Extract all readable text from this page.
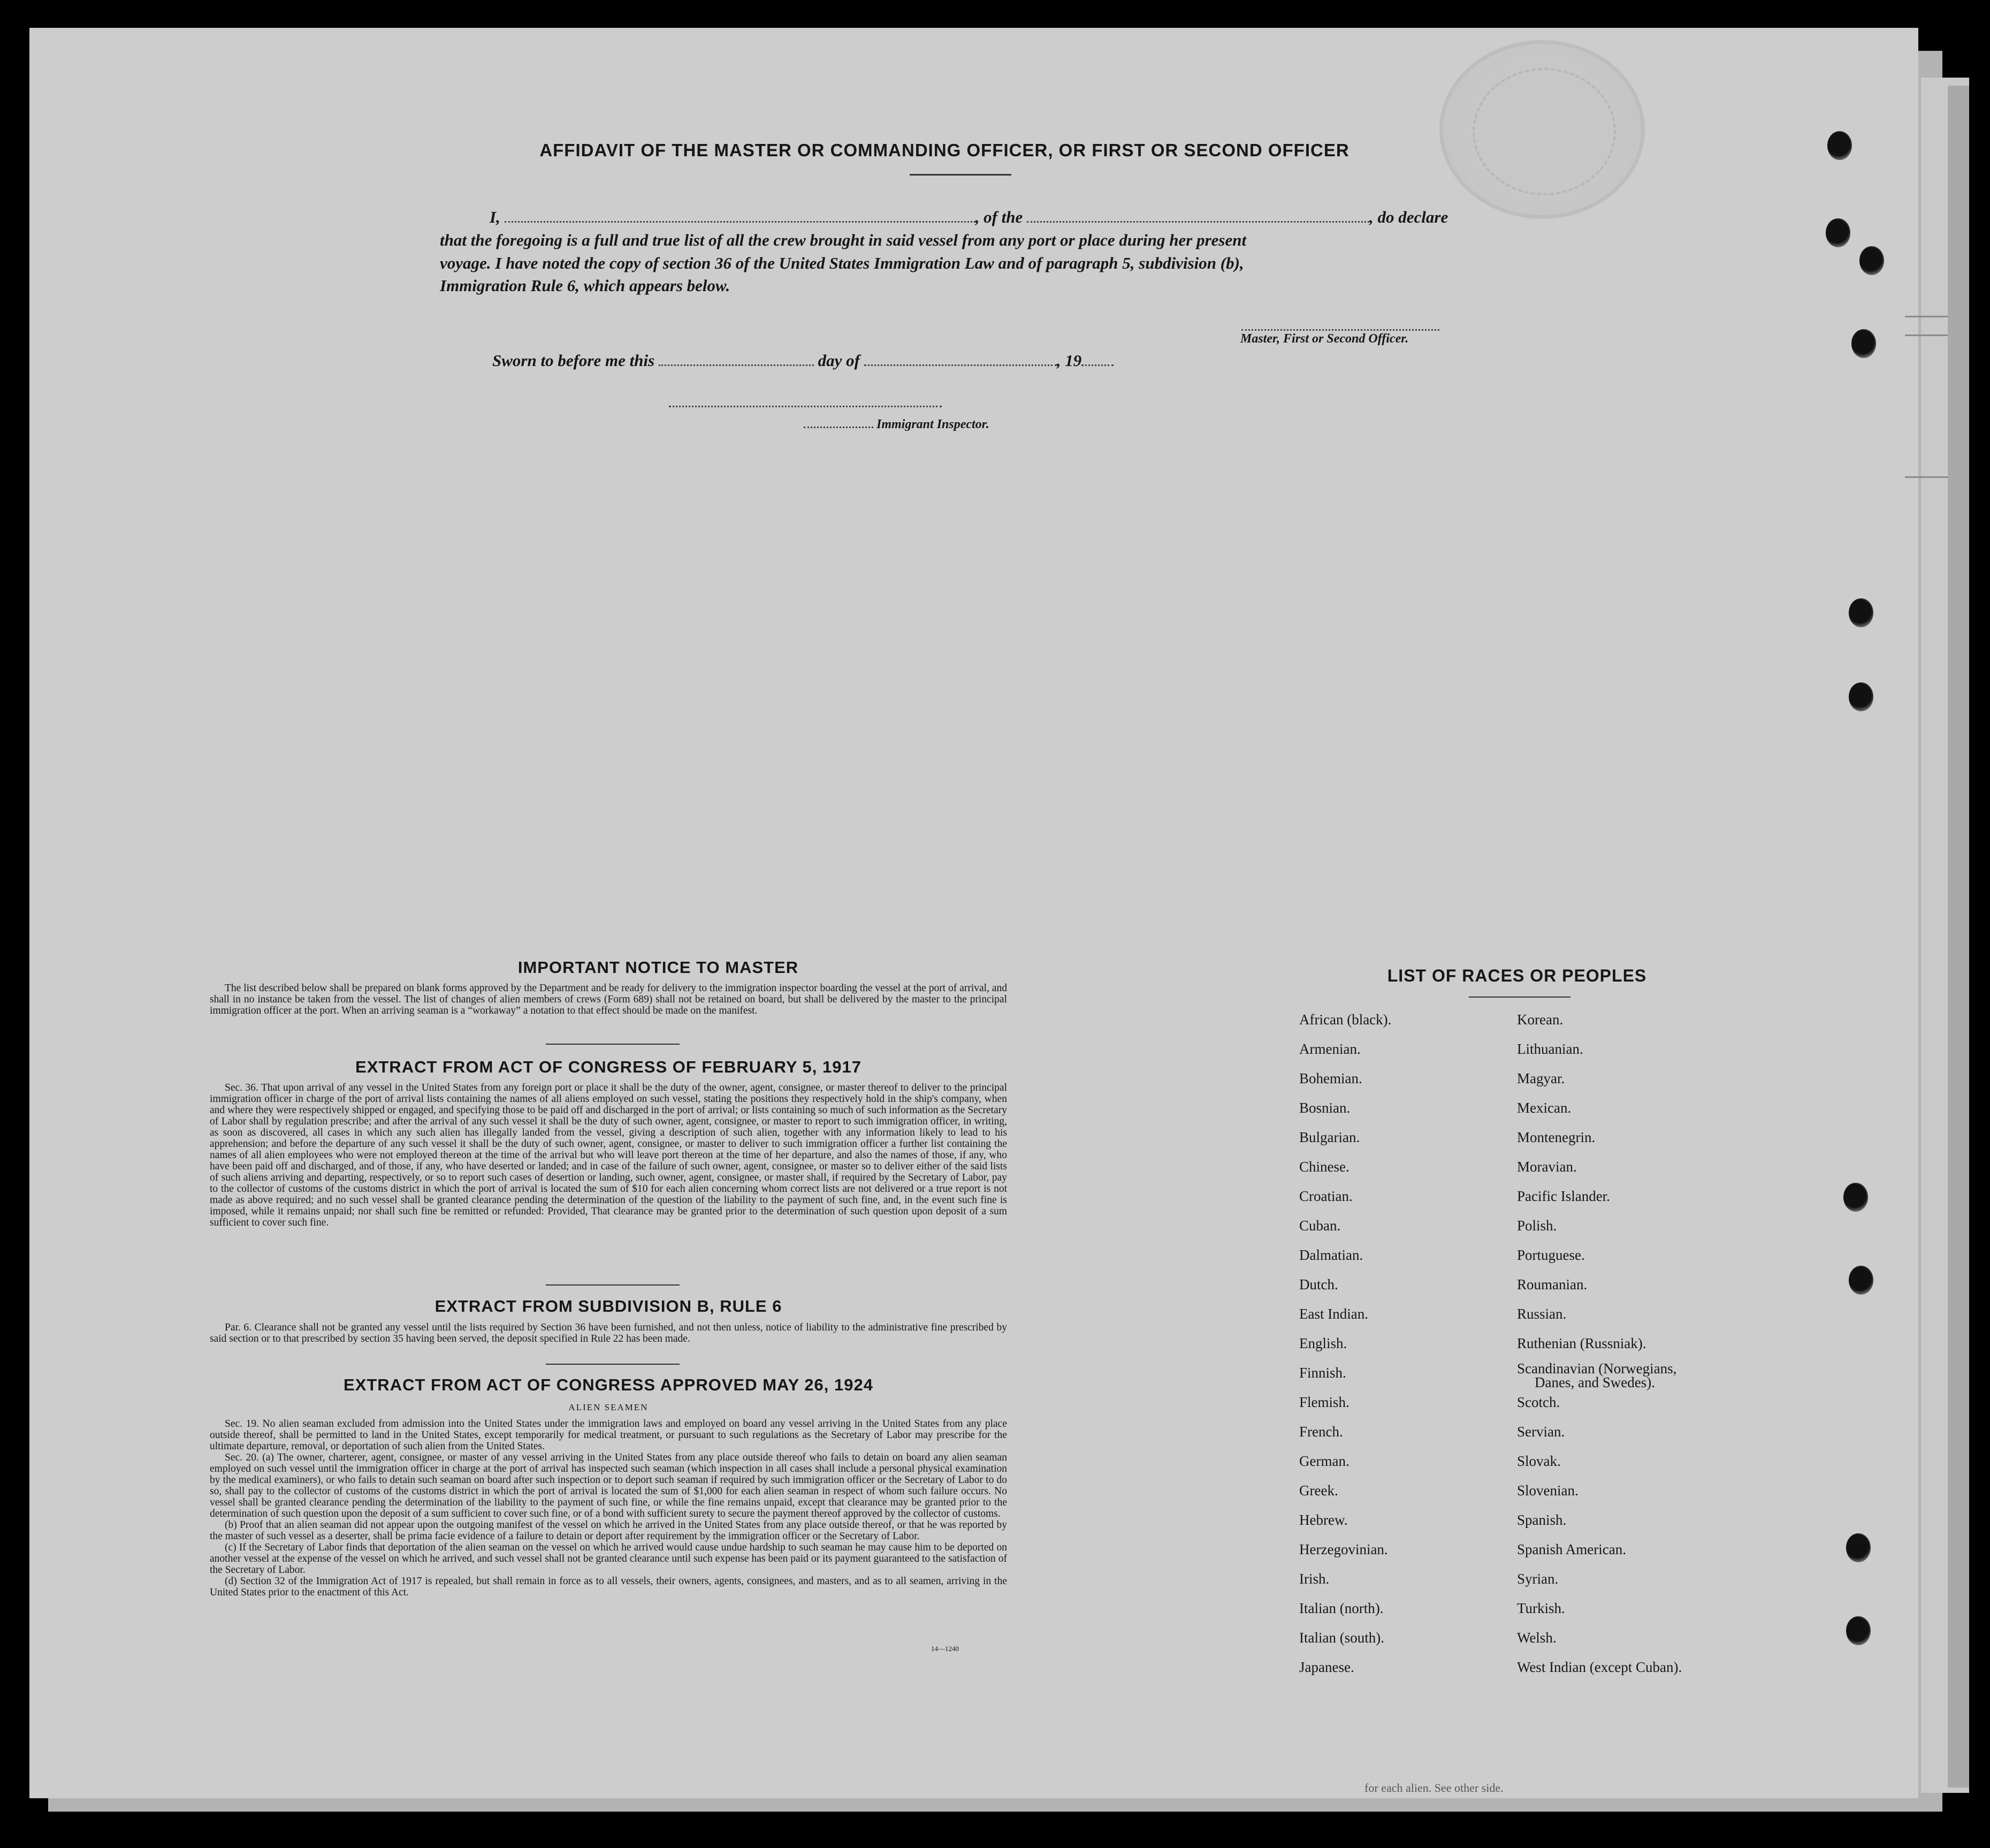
AFFIDAVIT OF THE MASTER OR COMMANDING OFFICER, OR FIRST OR SECOND OFFICER
I,	, of the	, do declare
that the foregoing is a full and true list of all the crew brought in said vessel from any port or place during her present
voyage. I have noted the copy of section 36 of the United States Immigration Law and of paragraph 5, subdivision (b),
Immigration Rule 6, which appears below.
Master, First or Second Officer.
Sworn to before me this	day of	, 19
Immigrant Inspector.
IMPORTANT NOTICE TO MASTER

The list described below shall be prepared on blank forms approved by the Department and be ready for delivery to the immigration inspector boarding the vessel at the port of arrival, and shall in no instance be taken from the vessel. The list of changes of alien members of crews (Form 689) shall not be retained on board, but shall be delivered by the master to the principal immigration officer at the port. When an arriving seaman is a “workaway” a notation to that effect should be made on the manifest.

EXTRACT FROM ACT OF CONGRESS OF FEBRUARY 5, 1917

Sec. 36. That upon arrival of any vessel in the United States from any foreign port or place it shall be the duty of the owner, agent, consignee, or master thereof to deliver to the principal immigration officer in charge of the port of arrival lists containing the names of all aliens employed on such vessel, stating the positions they respectively hold in the ship's company, when and where they were respectively shipped or engaged, and specifying those to be paid off and discharged in the port of arrival; or lists containing so much of such information as the Secretary of Labor shall by regulation prescribe; and after the arrival of any such vessel it shall be the duty of such owner, agent, consignee, or master to report to such immigration officer, in writing, as soon as discovered, all cases in which any such alien has illegally landed from the vessel, giving a description of such alien, together with any information likely to lead to his apprehension; and before the departure of any such vessel it shall be the duty of such owner, agent, consignee, or master to deliver to such immigration officer a further list containing the names of all alien employees who were not employed thereon at the time of the arrival but who will leave port thereon at the time of her departure, and also the names of those, if any, who have been paid off and discharged, and of those, if any, who have deserted or landed; and in case of the failure of such owner, agent, consignee, or master so to deliver either of the said lists of such aliens arriving and departing, respectively, or so to report such cases of desertion or landing, such owner, agent, consignee, or master shall, if required by the Secretary of Labor, pay to the collector of customs of the customs district in which the port of arrival is located the sum of $10 for each alien concerning whom correct lists are not delivered or a true report is not made as above required; and no such vessel shall be granted clearance pending the determination of the question of the liability to the payment of such fine, and, in the event such fine is imposed, while it remains unpaid; nor shall such fine be remitted or refunded: Provided, That clearance may be granted prior to the determination of such question upon deposit of a sum sufficient to cover such fine.

EXTRACT FROM SUBDIVISION B, RULE 6

Par. 6. Clearance shall not be granted any vessel until the lists required by Section 36 have been furnished, and not then unless, notice of liability to the administrative fine prescribed by said section or to that prescribed by section 35 having been served, the deposit specified in Rule 22 has been made.

EXTRACT FROM ACT OF CONGRESS APPROVED MAY 26, 1924
ALIEN SEAMEN

Sec. 19. No alien seaman excluded from admission into the United States under the immigration laws and employed on board any vessel arriving in the United States from any place outside thereof, shall be permitted to land in the United States, except temporarily for medical treatment, or pursuant to such regulations as the Secretary of Labor may prescribe for the ultimate departure, removal, or deportation of such alien from the United States.

Sec. 20. (a) The owner, charterer, agent, consignee, or master of any vessel arriving in the United States from any place outside thereof who fails to detain on board any alien seaman employed on such vessel until the immigration officer in charge at the port of arrival has inspected such seaman (which inspection in all cases shall include a personal physical examination by the medical examiners), or who fails to detain such seaman on board after such inspection or to deport such seaman if required by such immigration officer or the Secretary of Labor to do so, shall pay to the collector of customs of the customs district in which the port of arrival is located the sum of $1,000 for each alien seaman in respect of whom such failure occurs. No vessel shall be granted clearance pending the determination of the liability to the payment of such fine, or while the fine remains unpaid, except that clearance may be granted prior to the determination of such question upon the deposit of a sum sufficient to cover such fine, or of a bond with sufficient surety to secure the payment thereof approved by the collector of customs.

(b) Proof that an alien seaman did not appear upon the outgoing manifest of the vessel on which he arrived in the United States from any place outside thereof, or that he was reported by the master of such vessel as a deserter, shall be prima facie evidence of a failure to detain or deport after requirement by the immigration officer or the Secretary of Labor.

(c) If the Secretary of Labor finds that deportation of the alien seaman on the vessel on which he arrived would cause undue hardship to such seaman he may cause him to be deported on another vessel at the expense of the vessel on which he arrived, and such vessel shall not be granted clearance until such expense has been paid or its payment guaranteed to the satisfaction of the Secretary of Labor.

(d) Section 32 of the Immigration Act of 1917 is repealed, but shall remain in force as to all vessels, their owners, agents, consignees, and masters, and as to all seamen, arriving in the United States prior to the enactment of this Act.

14—1240
LIST OF RACES OR PEOPLES
African (black).
Armenian.
Bohemian.
Bosnian.
Bulgarian.
Chinese.
Croatian.
Cuban.
Dalmatian.
Dutch.
East Indian.
English.
Finnish.
Flemish.
French.
German.
Greek.
Hebrew.
Herzegovinian.
Irish.
Italian (north).
Italian (south).
Japanese.
Korean.
Lithuanian.
Magyar.
Mexican.
Montenegrin.
Moravian.
Pacific Islander.
Polish.
Portuguese.
Roumanian.
Russian.
Ruthenian (Russniak).
Scandinavian (Norwegians,
Scotch.
Servian.
Slovak.
Slovenian.
Spanish.
Spanish American.
Syrian.
Turkish.
Welsh.
West Indian (except Cuban).
Danes, and Swedes).
for each alien. See other side.
